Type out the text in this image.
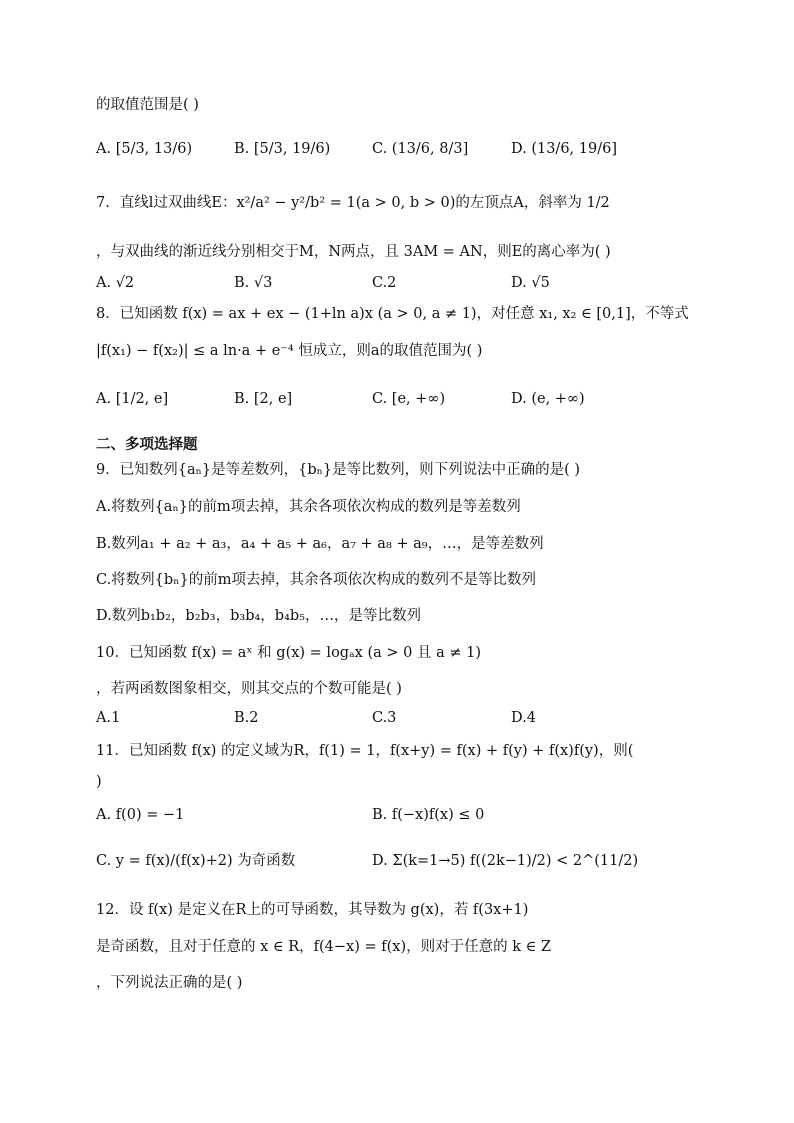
的取值范围是( )
A. [5/3, 13/6)	B. [5/3, 19/6)	C. (13/6, 8/3]	D. (13/6, 19/6]
7．直线l过双曲线E：x²/a² − y²/b² = 1(a > 0, b > 0)的左顶点A，斜率为 1/2
，与双曲线的渐近线分别相交于M，N两点，且 3AM = AN，则E的离心率为( )
A. √2	B. √3	C.2	D. √5
8．已知函数 f(x) = ax + ex − (1+ln a)x (a > 0, a ≠ 1)，对任意 x₁, x₂ ∈ [0,1]，不等式
|f(x₁) − f(x₂)| ≤ a ln·a + e⁻⁴ 恒成立，则a的取值范围为( )
A. [1/2, e]	B. [2, e]	C. [e, +∞)	D. (e, +∞)
二、多项选择题
9．已知数列{aₙ}是等差数列，{bₙ}是等比数列，则下列说法中正确的是( )
A.将数列{aₙ}的前m项去掉，其余各项依次构成的数列是等差数列
B.数列a₁ + a₂ + a₃，a₄ + a₅ + a₆，a₇ + a₈ + a₉，…，是等差数列
C.将数列{bₙ}的前m项去掉，其余各项依次构成的数列不是等比数列
D.数列b₁b₂，b₂b₃，b₃b₄，b₄b₅，…，是等比数列
10．已知函数 f(x) = aˣ 和 g(x) = logₐx (a > 0 且 a ≠ 1)
，若两函数图象相交，则其交点的个数可能是( )
A.1	B.2	C.3	D.4
11．已知函数 f(x) 的定义域为R，f(1) = 1，f(x+y) = f(x) + f(y) + f(x)f(y)，则(
)
A. f(0) = −1	B. f(−x)f(x) ≤ 0
C. y = f(x)/(f(x)+2) 为奇函数	D. Σ(k=1→5) f((2k−1)/2) < 2^(11/2)
12．设 f(x) 是定义在R上的可导函数，其导数为 g(x)，若 f(3x+1)
是奇函数，且对于任意的 x ∈ R，f(4−x) = f(x)，则对于任意的 k ∈ Z
，下列说法正确的是( )
